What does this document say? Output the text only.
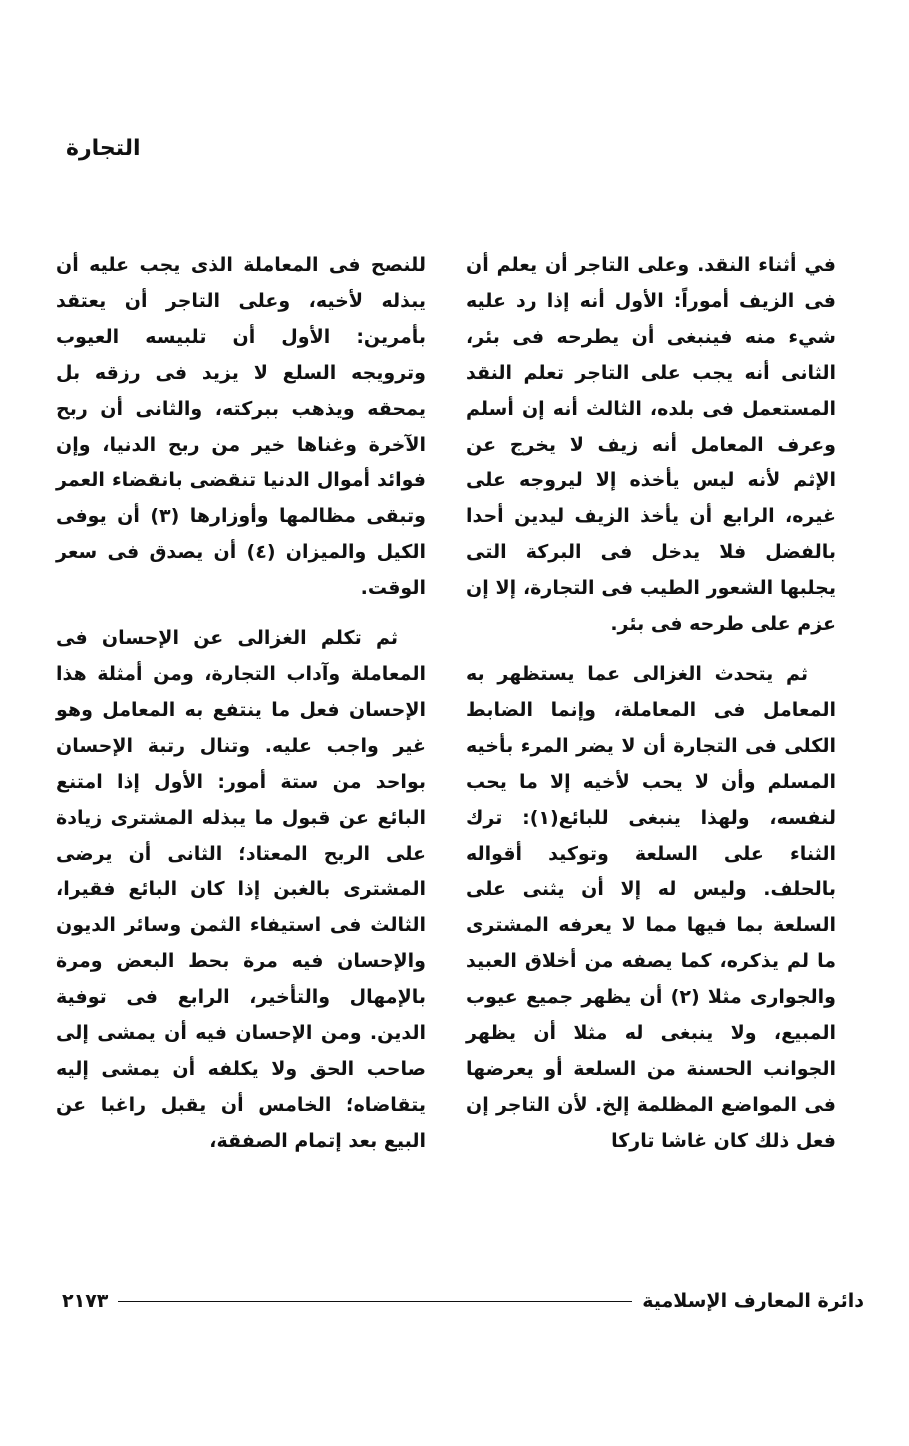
التجارة

في أثناء النقد. وعلى التاجر أن يعلم أن فى الزيف أموراً: الأول أنه إذا رد عليه شيء منه فينبغى أن يطرحه فى بئر، الثانى أنه يجب على التاجر تعلم النقد المستعمل فى بلده، الثالث أنه إن أسلم وعرف المعامل أنه زيف لا يخرج عن الإثم لأنه ليس يأخذه إلا ليروجه على غيره، الرابع أن يأخذ الزيف ليدين أحدا بالفضل فلا يدخل فى البركة التى يجلبها الشعور الطيب فى التجارة، إلا إن عزم على طرحه فى بئر.

ثم يتحدث الغزالى عما يستظهر به المعامل فى المعاملة، وإنما الضابط الكلى فى التجارة أن لا يضر المرء بأخيه المسلم وأن لا يحب لأخيه إلا ما يحب لنفسه، ولهذا ينبغى للبائع(١): ترك الثناء على السلعة وتوكيد أقواله بالحلف. وليس له إلا أن يثنى على السلعة بما فيها مما لا يعرفه المشترى ما لم يذكره، كما يصفه من أخلاق العبيد والجوارى مثلا (٢) أن يظهر جميع عيوب المبيع، ولا ينبغى له مثلا أن يظهر الجوانب الحسنة من السلعة أو يعرضها فى المواضع المظلمة إلخ. لأن التاجر إن فعل ذلك كان غاشا تاركا

للنصح فى المعاملة الذى يجب عليه أن يبذله لأخيه، وعلى التاجر أن يعتقد بأمرين: الأول أن تلبيسه العيوب وترويجه السلع لا يزيد فى رزقه بل يمحقه ويذهب ببركته، والثانى أن ربح الآخرة وغناها خير من ربح الدنيا، وإن فوائد أموال الدنيا تنقضى بانقضاء العمر وتبقى مظالمها وأوزارها (٣) أن يوفى الكيل والميزان (٤) أن يصدق فى سعر الوقت.

ثم تكلم الغزالى عن الإحسان فى المعاملة وآداب التجارة، ومن أمثلة هذا الإحسان فعل ما ينتفع به المعامل وهو غير واجب عليه. وتنال رتبة الإحسان بواحد من ستة أمور: الأول إذا امتنع البائع عن قبول ما يبذله المشترى زيادة على الربح المعتاد؛ الثانى أن يرضى المشترى بالغبن إذا كان البائع فقيرا، الثالث فى استيفاء الثمن وسائر الديون والإحسان فيه مرة بحط البعض ومرة بالإمهال والتأخير، الرابع فى توفية الدين. ومن الإحسان فيه أن يمشى إلى صاحب الحق ولا يكلفه أن يمشى إليه يتقاضاه؛ الخامس أن يقبل راغبا عن البيع بعد إتمام الصفقة،

دائرة المعارف الإسلامية
٢١٧٣
